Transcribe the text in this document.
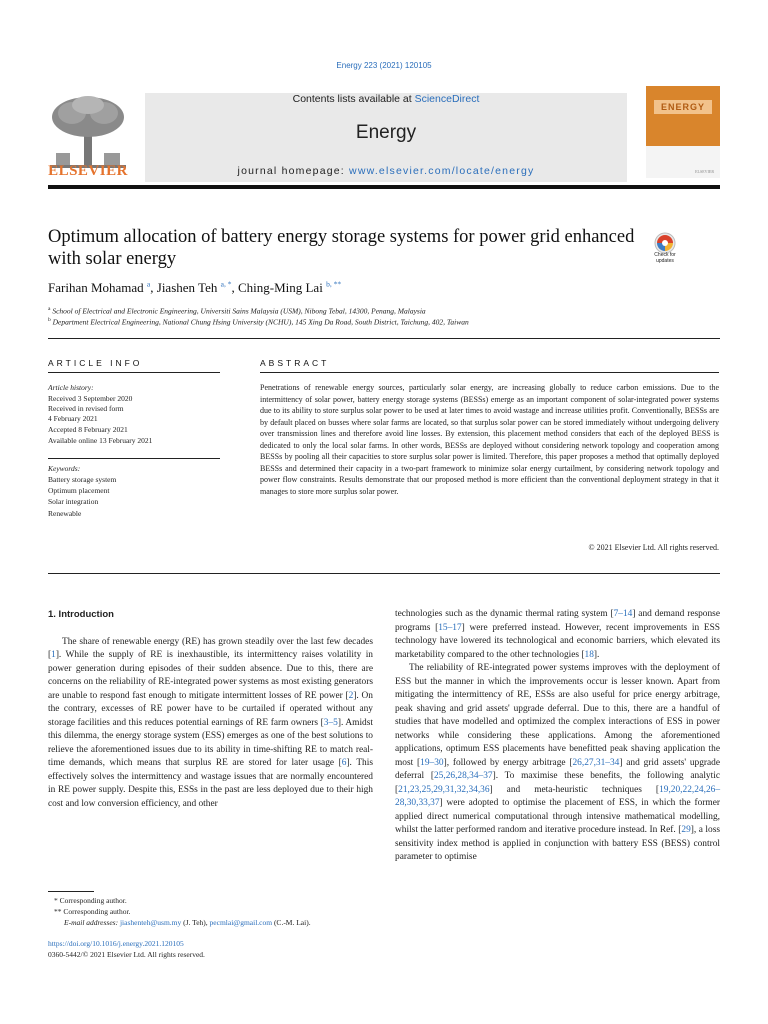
Energy 223 (2021) 120105
ELSEVIER
Contents lists available at ScienceDirect
Energy
journal homepage: www.elsevier.com/locate/energy
ENERGY
ELSEVIER
Optimum allocation of battery energy storage systems for power grid enhanced with solar energy	Check for updates
Farihan Mohamad $^a$, Jiashen Teh $^{a, *}$, Ching-Ming Lai $^{b, **}$
$^a$ School of Electrical and Electronic Engineering, Universiti Sains Malaysia (USM), Nibong Tebal, 14300, Penang, Malaysia
$^b$ Department Electrical Engineering, National Chung Hsing University (NCHU), 145 Xing Da Road, South District, Taichung, 402, Taiwan
ARTICLE INFO
Article history:
Received 3 September 2020
Received in revised form
4 February 2021
Accepted 8 February 2021
Available online 13 February 2021
Keywords:
Battery storage system
Optimum placement
Solar integration
Renewable
ABSTRACT

Penetrations of renewable energy sources, particularly solar energy, are increasing globally to reduce carbon emissions. Due to the intermittency of solar power, battery energy storage systems (BESSs) emerge as an important component of solar-integrated power systems due to its ability to store surplus solar power to be used at later times to avoid wastage and increase utilities profit. Conventionally, BESSs are by default placed on busses where solar farms are located, so that surplus solar power can be stored immediately without undergoing delivery over transmission lines and therefore avoid line losses. By extension, this placement method considers that each of the deployed BESS is dedicated to only the local solar farms. In other words, BESSs are deployed without considering network topology and cooperation among BESSs by pooling all their capacities to store surplus solar power is limited. Therefore, this paper proposes a method that optimally deployed BESSs and determined their capacity in a two-part framework to minimize solar energy curtailment, by considering network topology and power flow constraints. Results demonstrate that our proposed method is more efficient than the conventional deployment strategy in that it manages to store more surplus solar power.

© 2021 Elsevier Ltd. All rights reserved.
1. Introduction

The share of renewable energy (RE) has grown steadily over the last few decades [1]. While the supply of RE is inexhaustible, its intermittency raises volatility in power generation during episodes of their sudden absence. Due to this, there are concerns on the reliability of RE-integrated power systems as most existing generators are unable to respond fast enough to mitigate intermittent losses of RE power [2]. On the contrary, excesses of RE power have to be curtailed if operated without any storage facilities and this reduces potential earnings of RE farm owners [3–5]. Amidst this dilemma, the energy storage system (ESS) emerges as one of the best solutions to relieve the aforementioned issues due to its ability in time-shifting RE to match real-time demands, which means that surplus RE are stored for later usage [6]. This effectively solves the intermittency and wastage issues that are normally encountered in RE power supply. Despite this, ESSs in the past are less deployed due to their high cost and low conversion efficiency, and other

technologies such as the dynamic thermal rating system [7–14] and demand response programs [15–17] were preferred instead. However, recent improvements in ESS technology have lowered its technological and economic barriers, which elevated its marketability compared to the other technologies [18].

The reliability of RE-integrated power systems improves with the deployment of ESS but the manner in which the improvements occur is lesser known. Apart from mitigating the intermittency of RE, ESSs are also useful for price energy arbitrage, peak shaving and grid assets' upgrade deferral. Due to this, there are a handful of studies that have modelled and optimized the complex interactions of ESS in power networks while considering these applications. Among the aforementioned applications, optimum ESS placements have benefitted peak shaving application the most [19–30], followed by energy arbitrage [26,27,31–34] and grid assets' upgrade deferral [25,26,28,34–37]. To maximise these benefits, the following analytic [21,23,25,29,31,32,34,36] and meta-heuristic techniques [19,20,22,24,26–28,30,33,37] were adopted to optimise the placement of ESS, in which the former applied direct numerical computational through intensive mathematical modelling, whilst the latter performed random and iterative procedure instead. In Ref. [29], a loss sensitivity index method is applied in conjunction with battery ESS (BESS) control parameter to optimise

* Corresponding author.
** Corresponding author.
E-mail addresses: jiashenteh@usm.my (J. Teh), pecmlai@gmail.com (C.-M. Lai).
https://doi.org/10.1016/j.energy.2021.120105
0360-5442/© 2021 Elsevier Ltd. All rights reserved.
